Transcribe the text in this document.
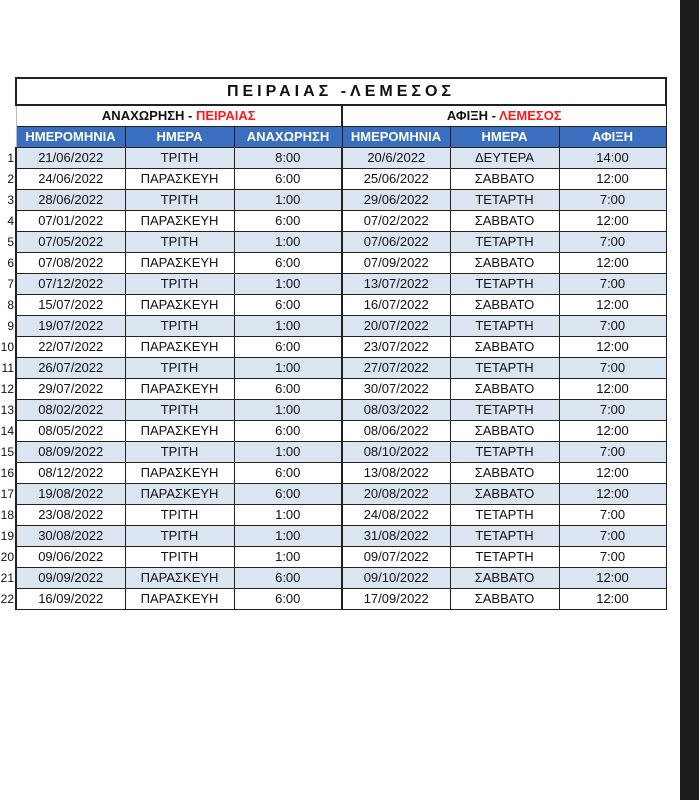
	ΠΕΙΡΑΙΑΣ -ΛΕΜΕΣΟΣ					
	ΑΝΑΧΩΡΗΣΗ - ΠΕΙΡΑΙΑΣ			ΑΦΙΞΗ - ΛΕΜΕΣΟΣ		
	ΗΜΕΡΟΜΗΝΙΑ	ΗΜΕΡΑ	ΑΝΑΧΩΡΗΣΗ	ΗΜΕΡΟΜΗΝΙΑ	ΗΜΕΡΑ	ΑΦΙΞΗ
1	21/06/2022	ΤΡΙΤΗ	8:00	20/6/2022	ΔΕΥΤΕΡΑ	14:00
2	24/06/2022	ΠΑΡΑΣΚΕΥΗ	6:00	25/06/2022	ΣΑΒΒΑΤΟ	12:00
3	28/06/2022	ΤΡΙΤΗ	1:00	29/06/2022	ΤΕΤΑΡΤΗ	7:00
4	07/01/2022	ΠΑΡΑΣΚΕΥΗ	6:00	07/02/2022	ΣΑΒΒΑΤΟ	12:00
5	07/05/2022	ΤΡΙΤΗ	1:00	07/06/2022	ΤΕΤΑΡΤΗ	7:00
6	07/08/2022	ΠΑΡΑΣΚΕΥΗ	6:00	07/09/2022	ΣΑΒΒΑΤΟ	12:00
7	07/12/2022	ΤΡΙΤΗ	1:00	13/07/2022	ΤΕΤΑΡΤΗ	7:00
8	15/07/2022	ΠΑΡΑΣΚΕΥΗ	6:00	16/07/2022	ΣΑΒΒΑΤΟ	12:00
9	19/07/2022	ΤΡΙΤΗ	1:00	20/07/2022	ΤΕΤΑΡΤΗ	7:00
10	22/07/2022	ΠΑΡΑΣΚΕΥΗ	6:00	23/07/2022	ΣΑΒΒΑΤΟ	12:00
11	26/07/2022	ΤΡΙΤΗ	1:00	27/07/2022	ΤΕΤΑΡΤΗ	7:00
12	29/07/2022	ΠΑΡΑΣΚΕΥΗ	6:00	30/07/2022	ΣΑΒΒΑΤΟ	12:00
13	08/02/2022	ΤΡΙΤΗ	1:00	08/03/2022	ΤΕΤΑΡΤΗ	7:00
14	08/05/2022	ΠΑΡΑΣΚΕΥΗ	6:00	08/06/2022	ΣΑΒΒΑΤΟ	12:00
15	08/09/2022	ΤΡΙΤΗ	1:00	08/10/2022	ΤΕΤΑΡΤΗ	7:00
16	08/12/2022	ΠΑΡΑΣΚΕΥΗ	6:00	13/08/2022	ΣΑΒΒΑΤΟ	12:00
17	19/08/2022	ΠΑΡΑΣΚΕΥΗ	6:00	20/08/2022	ΣΑΒΒΑΤΟ	12:00
18	23/08/2022	ΤΡΙΤΗ	1:00	24/08/2022	ΤΕΤΑΡΤΗ	7:00
19	30/08/2022	ΤΡΙΤΗ	1:00	31/08/2022	ΤΕΤΑΡΤΗ	7:00
20	09/06/2022	ΤΡΙΤΗ	1:00	09/07/2022	ΤΕΤΑΡΤΗ	7:00
21	09/09/2022	ΠΑΡΑΣΚΕΥΗ	6:00	09/10/2022	ΣΑΒΒΑΤΟ	12:00
22	16/09/2022	ΠΑΡΑΣΚΕΥΗ	6:00	17/09/2022	ΣΑΒΒΑΤΟ	12:00
